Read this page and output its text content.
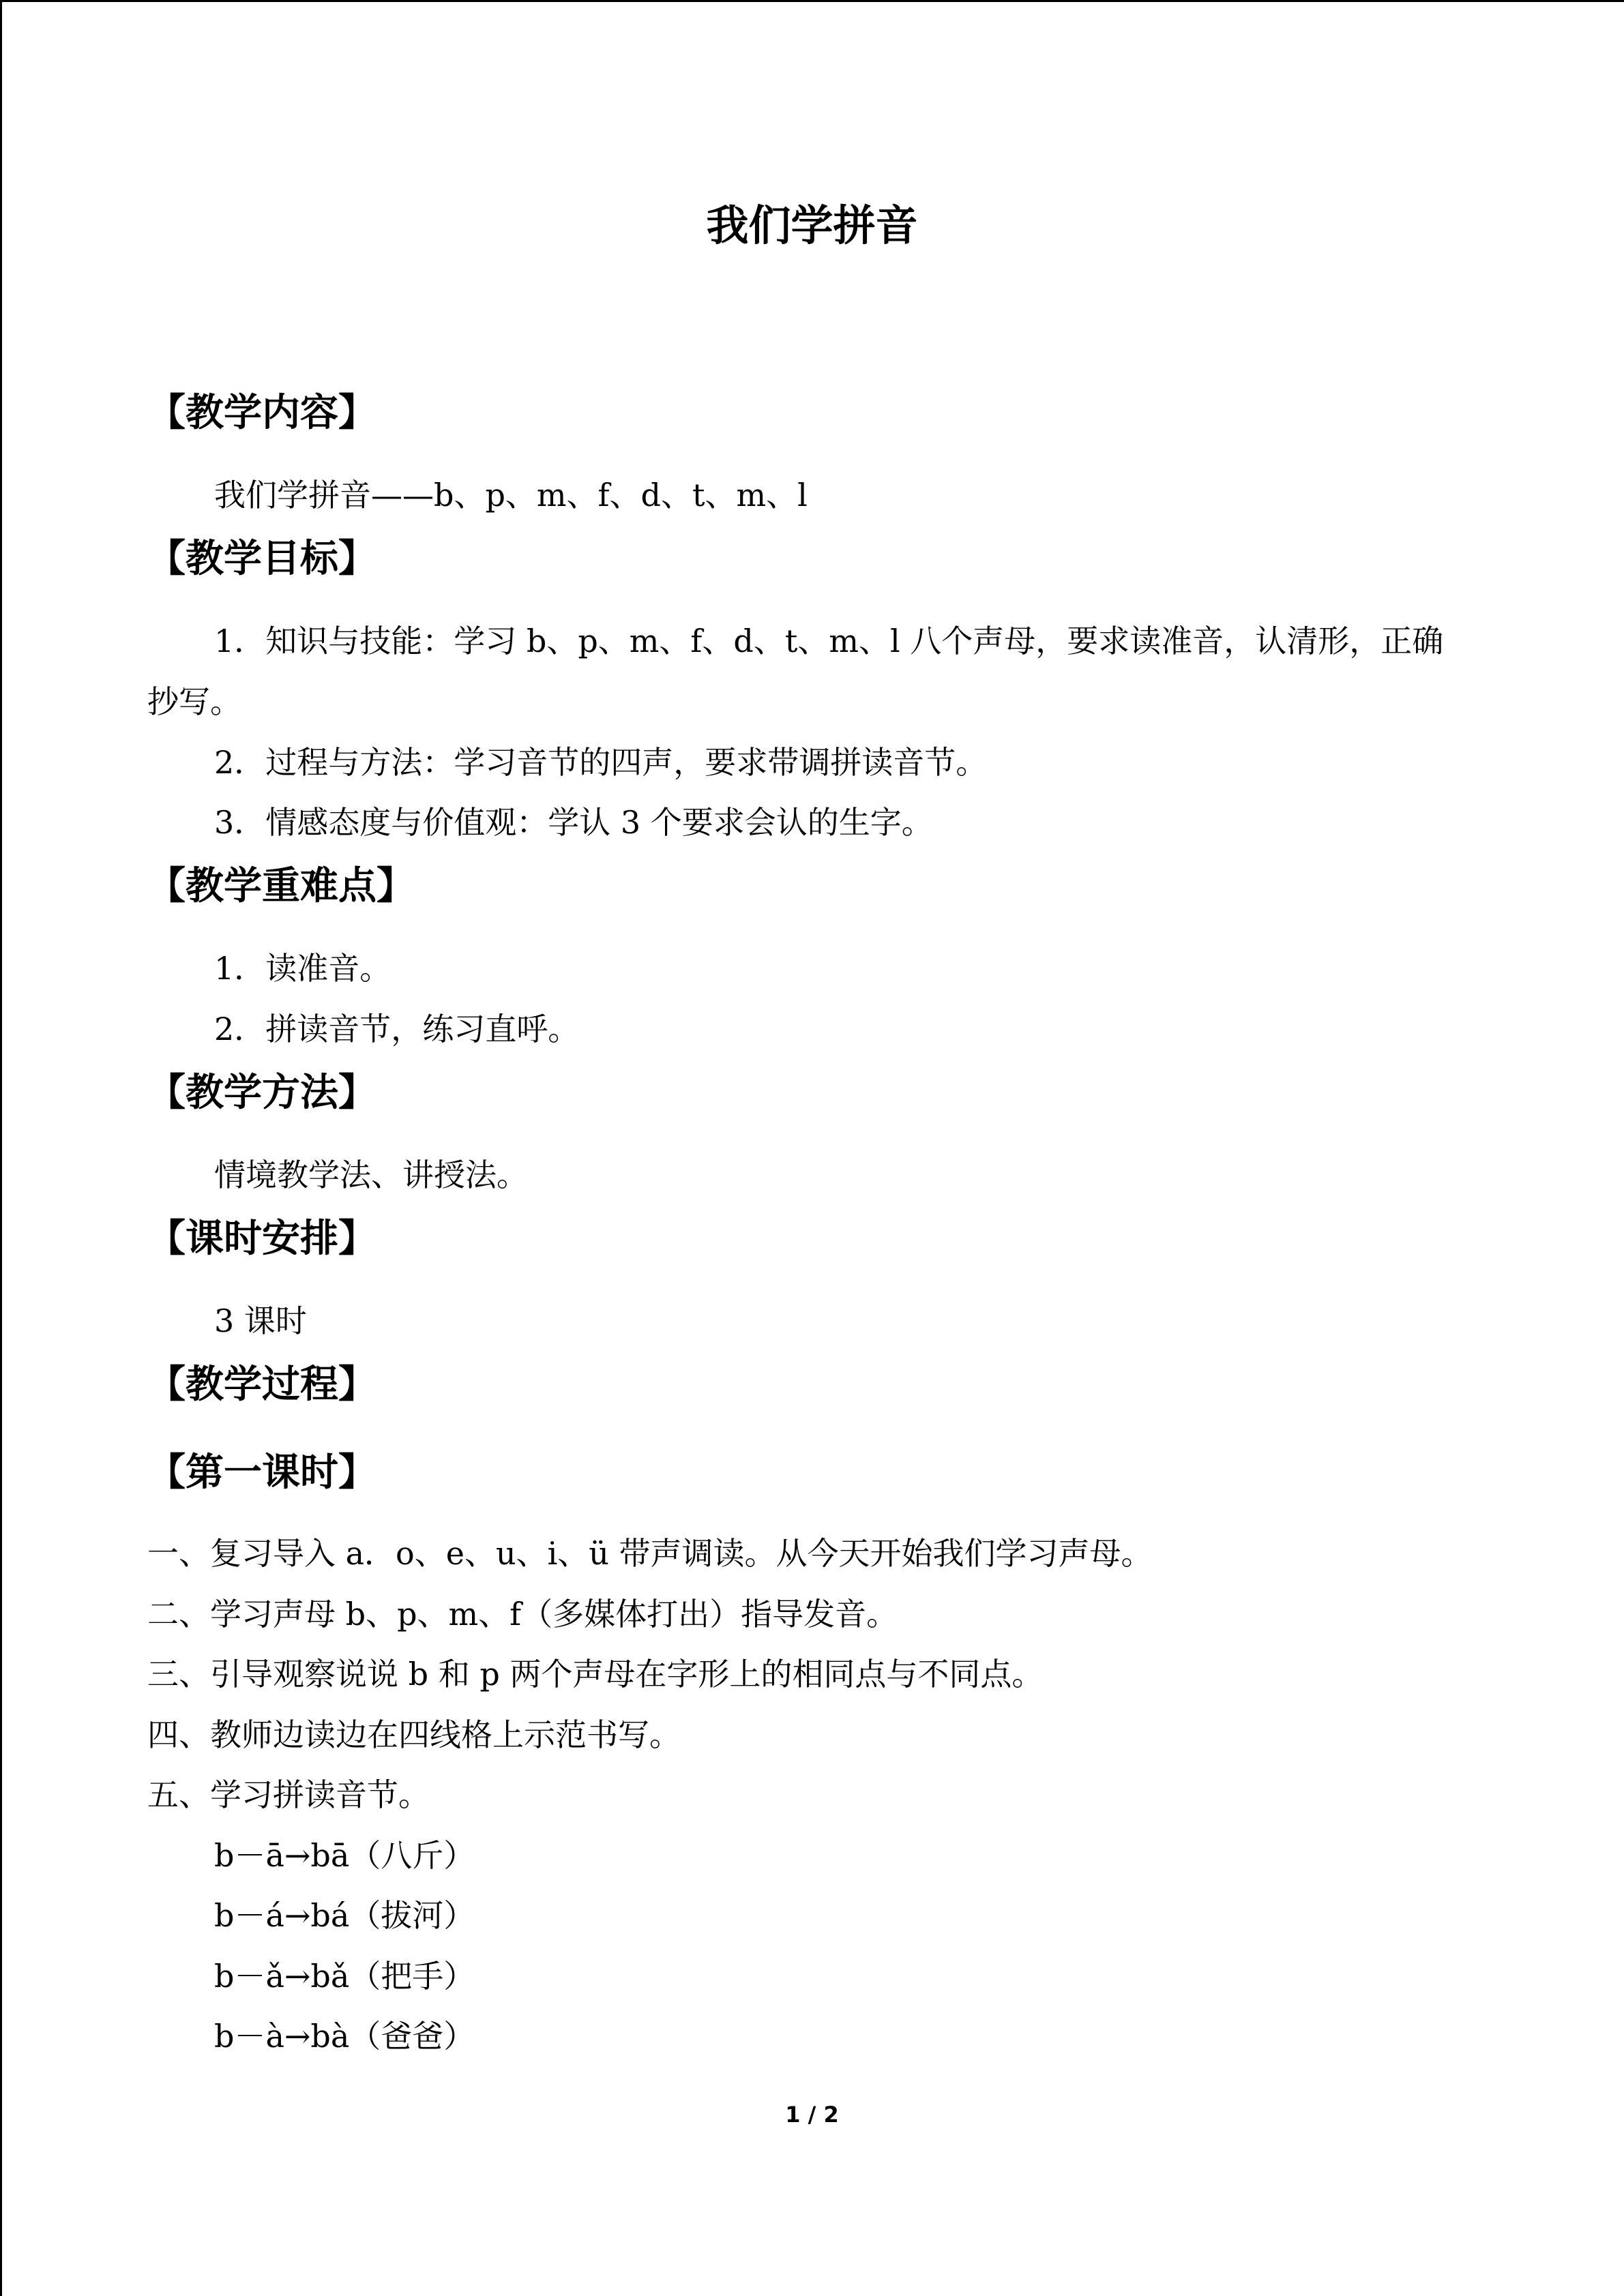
我们学拼音
【教学内容】
我们学拼音——b、p、m、f、d、t、m、l
【教学目标】
1．知识与技能：学习 b、p、m、f、d、t、m、l 八个声母，要求读准音，认清形，正确
抄写。
2．过程与方法：学习音节的四声，要求带调拼读音节。
3．情感态度与价值观：学认 3 个要求会认的生字。
【教学重难点】
1．读准音。
2．拼读音节，练习直呼。
【教学方法】
情境教学法、讲授法。
【课时安排】
3 课时
【教学过程】
【第一课时】
一、复习导入 a．o、e、u、i、ü 带声调读。从今天开始我们学习声母。
二、学习声母 b、p、m、f（多媒体打出）指导发音。
三、引导观察说说 b 和 p 两个声母在字形上的相同点与不同点。
四、教师边读边在四线格上示范书写。
五、学习拼读音节。
b－ā→bā（八斤）
b－á→bá（拔河）
b－ǎ→bǎ（把手）
b－à→bà（爸爸）
1 / 2
